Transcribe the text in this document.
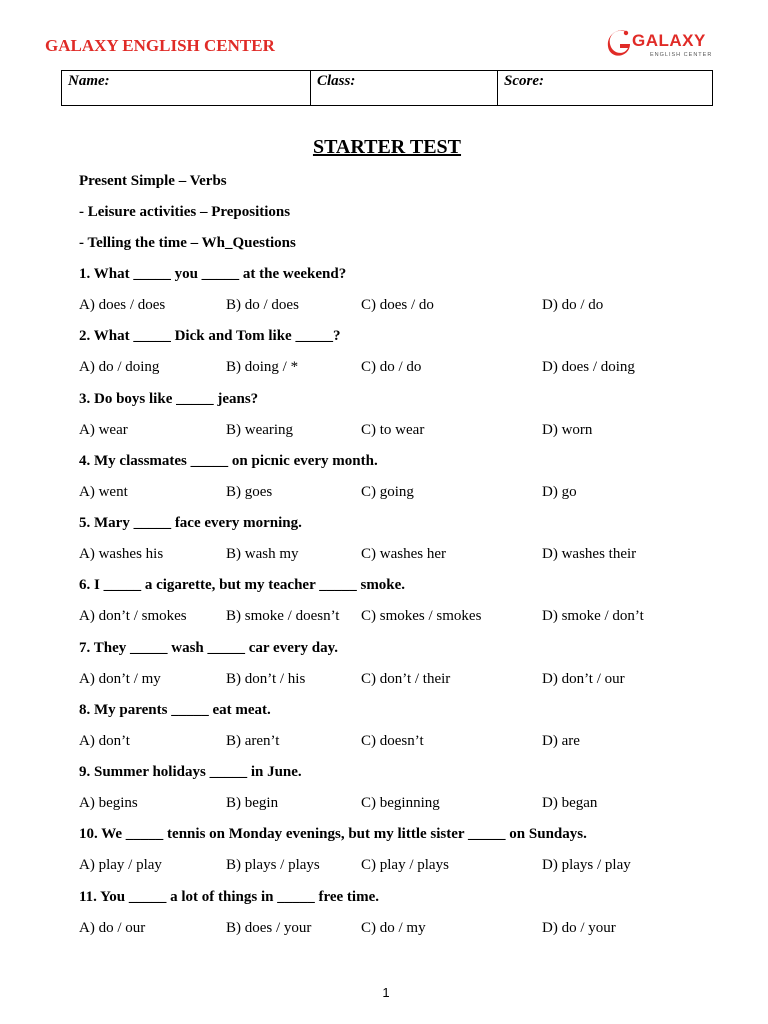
GALAXY ENGLISH CENTER	GALAXY
ENGLISH CENTER
Name:	Class:	Score:
STARTER TEST
Present Simple – Verbs
- Leisure activities – Prepositions
- Telling the time – Wh_Questions
1. What _____ you _____ at the weekend?
A) does / does	B) do / does	C) does / do	D) do / do
2. What _____ Dick and Tom like _____?
A) do / doing	B) doing / *	C) do / do	D) does / doing
3. Do boys like _____ jeans?
A) wear	B) wearing	C) to wear	D) worn
4. My classmates _____ on picnic every month.
A) went	B) goes	C) going	D) go
5. Mary _____ face every morning.
A) washes his	B) wash my	C) washes her	D) washes their
6. I _____ a cigarette, but my teacher _____ smoke.
A) don’t / smokes	B) smoke / doesn’t C) smokes / smokes	D) smoke / don’t
7. They _____ wash _____ car every day.
A) don’t / my	B) don’t / his	C) don’t / their	D) don’t / our
8. My parents _____ eat meat.
A) don’t	B) aren’t	C) doesn’t	D) are
9. Summer holidays _____ in June.
A) begins	B) begin	C) beginning	D) began
10. We _____ tennis on Monday evenings, but my little sister _____ on Sundays.
A) play / play	B) plays / plays	C) play / plays	D) plays / play
11. You _____ a lot of things in _____ free time.
A) do / our	B) does / your	C) do / my	D) do / your
1
